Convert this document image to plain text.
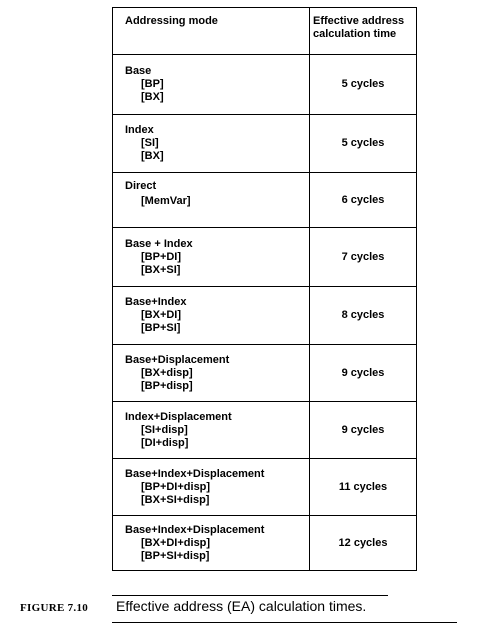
Addressing mode	Effective address
calculation time

Base
[BP]
[BX]	5 cycles

Index
[SI]
[BX]	5 cycles

Direct
[MemVar]	6 cycles

Base + Index
[BP+DI]
[BX+SI]	7 cycles

Base+Index
[BX+DI]
[BP+SI]	8 cycles

Base+Displacement
[BX+disp]
[BP+disp]	9 cycles

Index+Displacement
[SI+disp]
[DI+disp]	9 cycles

Base+Index+Displacement
[BP+DI+disp]
[BX+SI+disp]	11 cycles

Base+Index+Displacement
[BX+DI+disp]
[BP+SI+disp]	12 cycles
FIGURE 7.10 Effective address (EA) calculation times.
